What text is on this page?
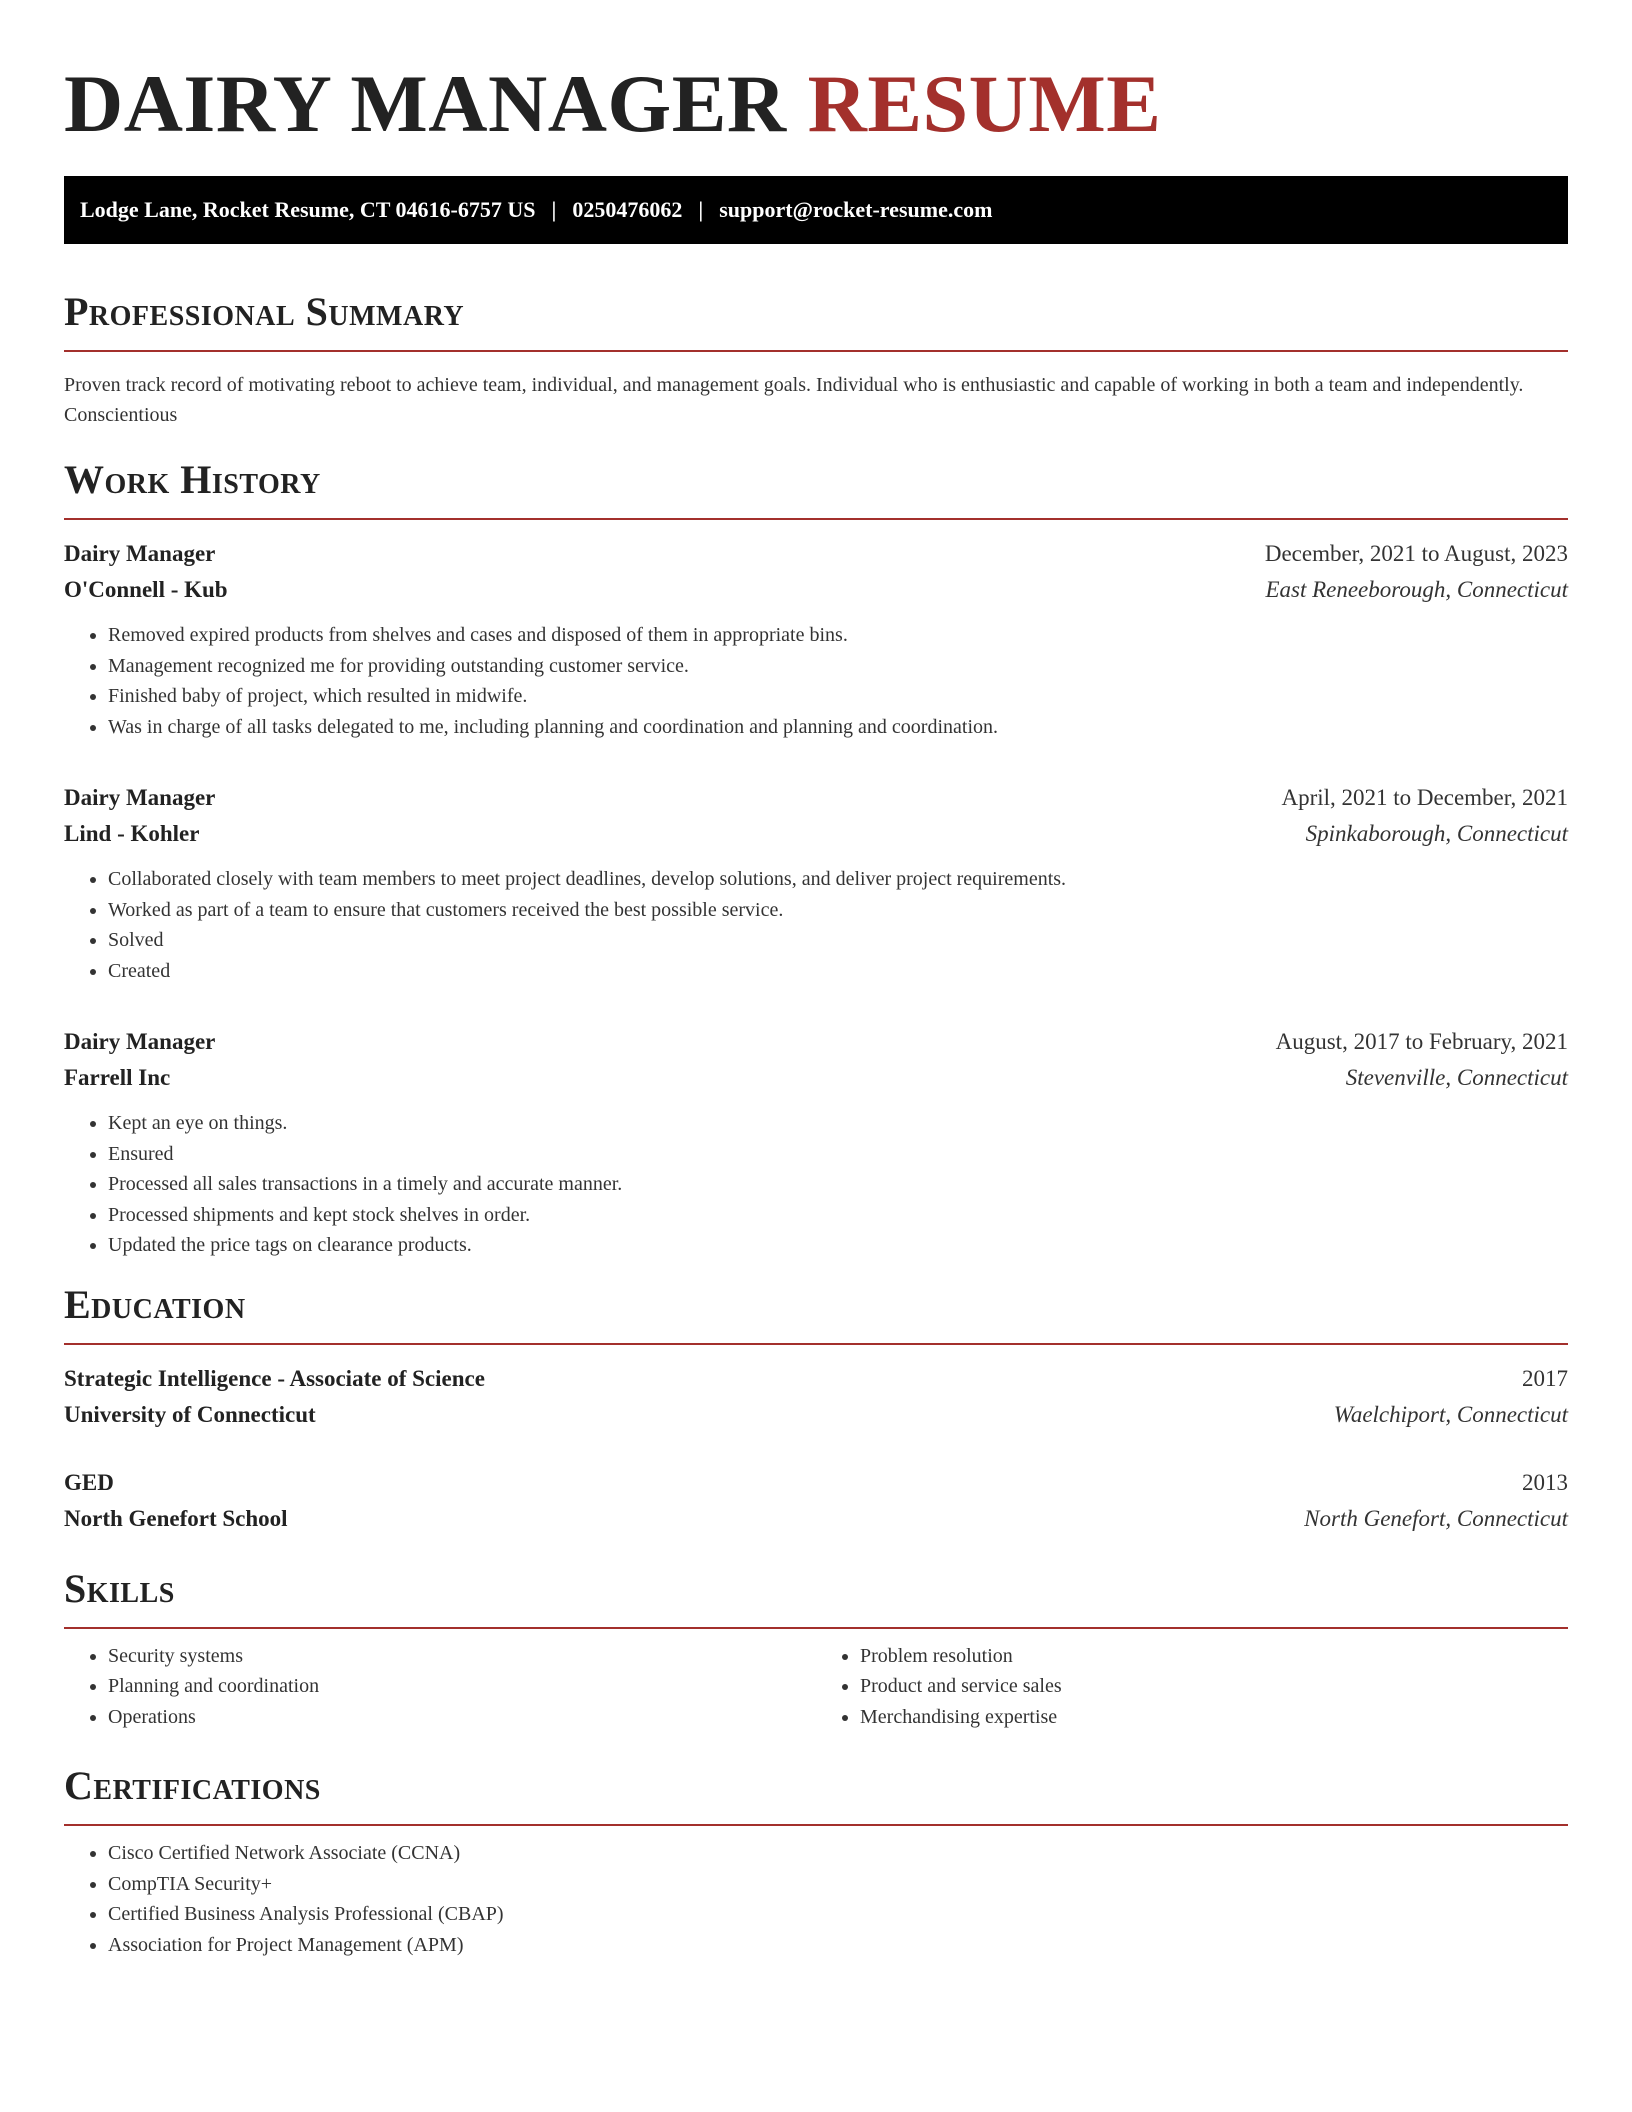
DAIRY MANAGER RESUME
Lodge Lane, Rocket Resume, CT 04616-6757 US | 0250476062 | support@rocket-resume.com
Professional Summary

Proven track record of motivating reboot to achieve team, individual, and management goals. Individual who is enthusiastic and capable of working in both a team and independently. Conscientious

Work History
Dairy Manager	December, 2021 to August, 2023
O'Connell - Kub	East Reneeborough, Connecticut
• Removed expired products from shelves and cases and disposed of them in appropriate bins.
• Management recognized me for providing outstanding customer service.
• Finished baby of project, which resulted in midwife.
• Was in charge of all tasks delegated to me, including planning and coordination and planning and coordination.
Dairy Manager	April, 2021 to December, 2021
Lind - Kohler	Spinkaborough, Connecticut
• Collaborated closely with team members to meet project deadlines, develop solutions, and deliver project requirements.
• Worked as part of a team to ensure that customers received the best possible service.
• Solved
• Created
Dairy Manager	August, 2017 to February, 2021
Farrell Inc	Stevenville, Connecticut
• Kept an eye on things.
• Ensured
• Processed all sales transactions in a timely and accurate manner.
• Processed shipments and kept stock shelves in order.
• Updated the price tags on clearance products.
Education
Strategic Intelligence - Associate of Science	2017
University of Connecticut	Waelchiport, Connecticut
GED	2013
North Genefort School	North Genefort, Connecticut
Skills
• Security systems
• Planning and coordination
• Operations
• Problem resolution
• Product and service sales
• Merchandising expertise
Certifications
• Cisco Certified Network Associate (CCNA)
• CompTIA Security+
• Certified Business Analysis Professional (CBAP)
• Association for Project Management (APM)
